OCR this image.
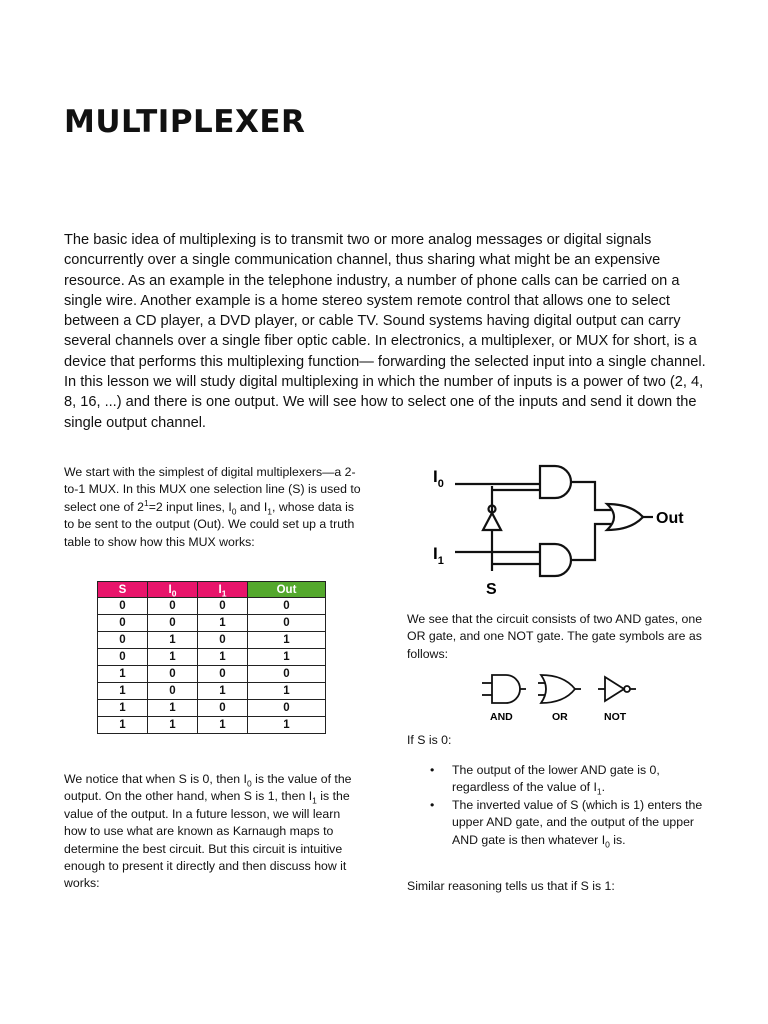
MULTIPLEXER

The basic idea of multiplexing is to transmit two or more analog messages or digital signals concurrently over a single communication channel, thus sharing what might be an expensive resource. As an example in the telephone industry, a number of phone calls can be carried on a single wire. Another example is a home stereo system remote control that allows one to select between a CD player, a DVD player, or cable TV. Sound systems having digital output can carry several channels over a single fiber optic cable. In electronics, a multiplexer, or MUX for short, is a device that performs this multiplexing function— forwarding the selected input into a single channel. In this lesson we will study digital multiplexing in which the number of inputs is a power of two (2, 4, 8, 16, ...) and there is one output. We will see how to select one of the inputs and send it down the single output channel.

We start with the simplest of digital multiplexers—a 2-to-1 MUX. In this MUX one selection line (S) is used to select one of $2^1=2$ input lines, $I_0$ and $I_1$, whose data is to be sent to the output (Out). We could set up a truth table to show how this MUX works:

S	$I_0$	$I_1$	Out
0	0	0	0
0	0	1	0
0	1	0	1
0	1	1	1
1	0	0	0
1	0	1	1
1	1	0	0
1	1	1	1

We notice that when S is 0, then $I_0$ is the value of the output. On the other hand, when S is 1, then $I_1$ is the value of the output. In a future lesson, we will learn how to use what are known as Karnaugh maps to determine the best circuit. But this circuit is intuitive enough to present it directly and then discuss how it works:

$I_0$
$I_1$
S
Out

We see that the circuit consists of two AND gates, one OR gate, and one NOT gate. The gate symbols are as follows:

AND	OR	NOT

If S is 0:

• The output of the lower AND gate is 0, regardless of the value of $I_1$.
• The inverted value of S (which is 1) enters the upper AND gate, and the output of the upper AND gate is then whatever $I_0$ is.

Similar reasoning tells us that if S is 1:
